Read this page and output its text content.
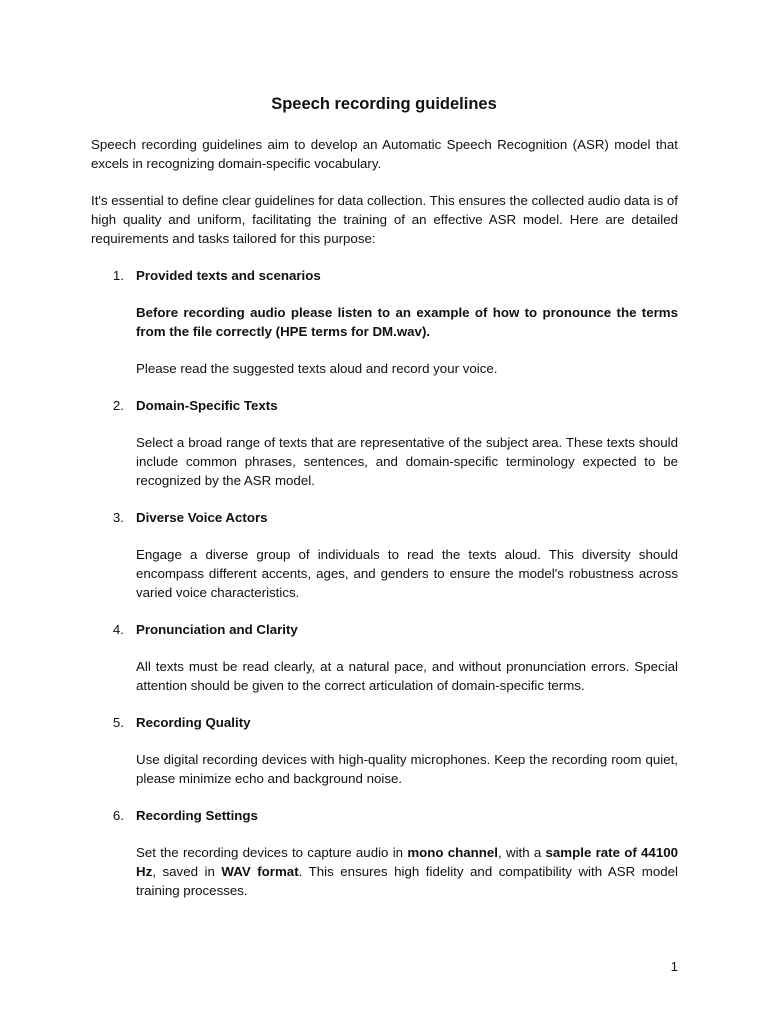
Speech recording guidelines

Speech recording guidelines aim to develop an Automatic Speech Recognition (ASR) model that excels in recognizing domain-specific vocabulary.

It's essential to define clear guidelines for data collection. This ensures the collected audio data is of high quality and uniform, facilitating the training of an effective ASR model. Here are detailed requirements and tasks tailored for this purpose:

1. Provided texts and scenarios

Before recording audio please listen to an example of how to pronounce the terms from the file correctly (HPE terms for DM.wav).

Please read the suggested texts aloud and record your voice.

2. Domain-Specific Texts

Select a broad range of texts that are representative of the subject area. These texts should include common phrases, sentences, and domain-specific terminology expected to be recognized by the ASR model.

3. Diverse Voice Actors

Engage a diverse group of individuals to read the texts aloud. This diversity should encompass different accents, ages, and genders to ensure the model's robustness across varied voice characteristics.

4. Pronunciation and Clarity

All texts must be read clearly, at a natural pace, and without pronunciation errors. Special attention should be given to the correct articulation of domain-specific terms.

5. Recording Quality

Use digital recording devices with high-quality microphones. Keep the recording room quiet, please minimize echo and background noise.

6. Recording Settings

Set the recording devices to capture audio in mono channel, with a sample rate of 44100 Hz, saved in WAV format. This ensures high fidelity and compatibility with ASR model training processes.

1
